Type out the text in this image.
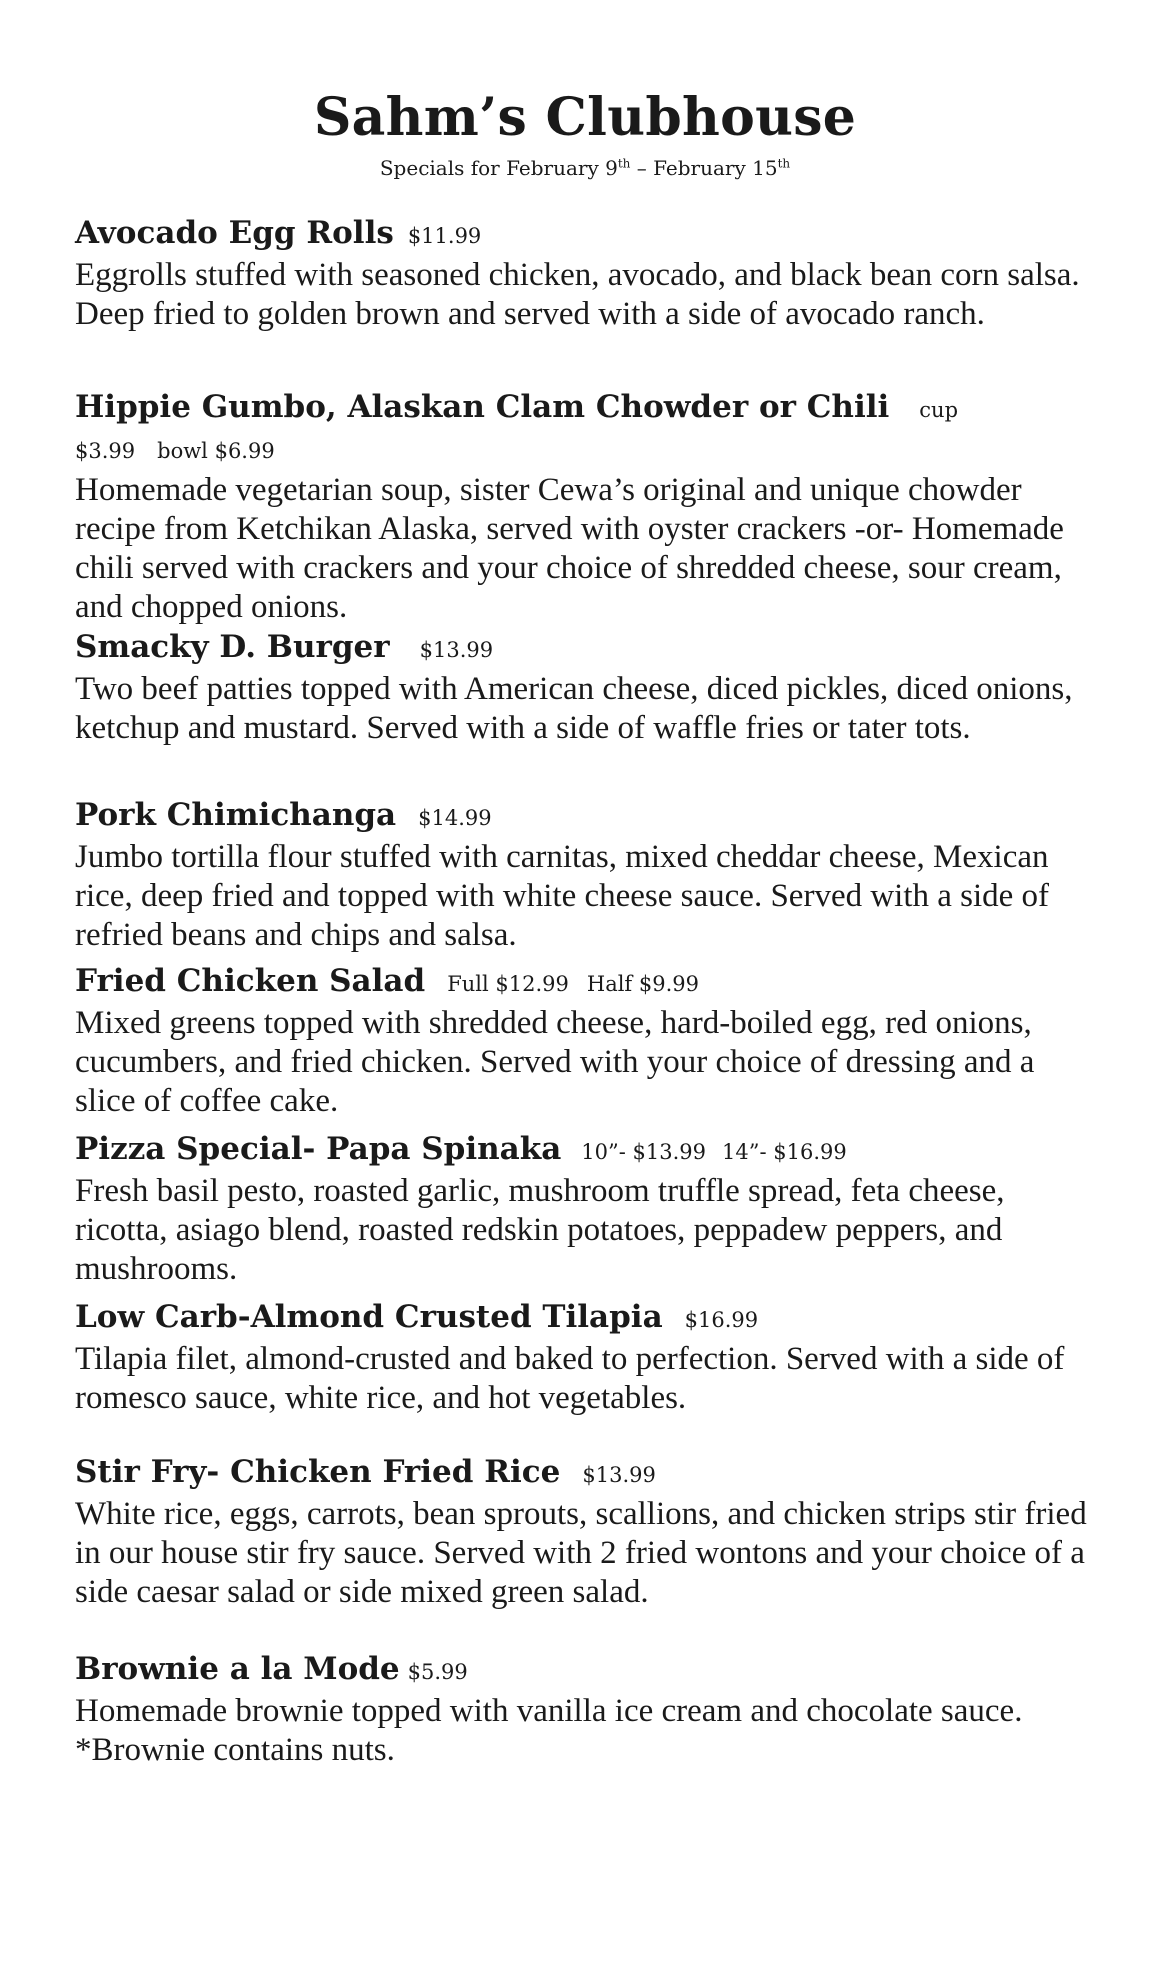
Sahm’s Clubhouse
Specials for February 9th – February 15th
Avocado Egg Rolls $11.99
Eggrolls stuffed with seasoned chicken, avocado, and black bean corn salsa. Deep fried to golden brown and served with a side of avocado ranch.
Hippie Gumbo, Alaskan Clam Chowder or Chili cup $3.99 bowl $6.99
Homemade vegetarian soup, sister Cewa’s original and unique chowder recipe from Ketchikan Alaska, served with oyster crackers -or- Homemade chili served with crackers and your choice of shredded cheese, sour cream, and chopped onions.
Smacky D. Burger $13.99
Two beef patties topped with American cheese, diced pickles, diced onions, ketchup and mustard. Served with a side of waffle fries or tater tots.
Pork Chimichanga $14.99
Jumbo tortilla flour stuffed with carnitas, mixed cheddar cheese, Mexican rice, deep fried and topped with white cheese sauce. Served with a side of refried beans and chips and salsa.
Fried Chicken Salad Full $12.99 Half $9.99
Mixed greens topped with shredded cheese, hard-boiled egg, red onions, cucumbers, and fried chicken. Served with your choice of dressing and a slice of coffee cake.
Pizza Special- Papa Spinaka 10”- $13.99 14”- $16.99
Fresh basil pesto, roasted garlic, mushroom truffle spread, feta cheese, ricotta, asiago blend, roasted redskin potatoes, peppadew peppers, and mushrooms.
Low Carb-Almond Crusted Tilapia $16.99
Tilapia filet, almond-crusted and baked to perfection. Served with a side of romesco sauce, white rice, and hot vegetables.
Stir Fry- Chicken Fried Rice $13.99
White rice, eggs, carrots, bean sprouts, scallions, and chicken strips stir fried in our house stir fry sauce. Served with 2 fried wontons and your choice of a side caesar salad or side mixed green salad.
Brownie a la Mode $5.99
Homemade brownie topped with vanilla ice cream and chocolate sauce. *Brownie contains nuts.
